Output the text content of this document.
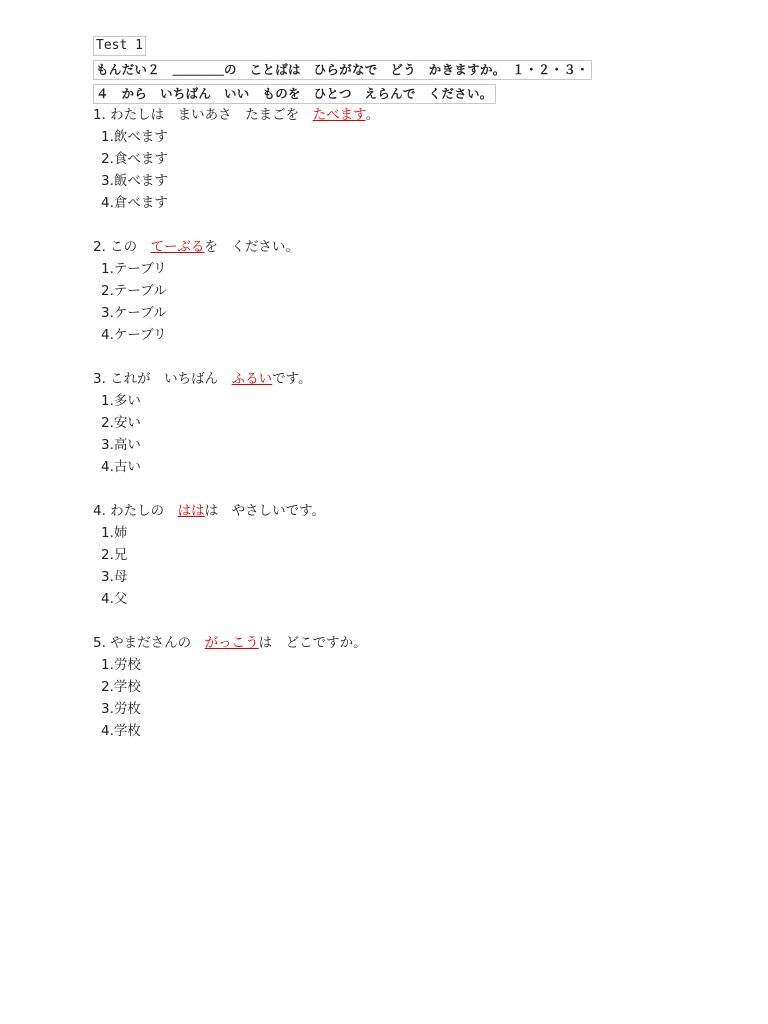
Test 1
もんだい２　＿＿＿＿の　ことばは　ひらがなで　どう　かきますか。　１・２・３・
４　から　いちばん　いい　ものを　ひとつ　えらんで　ください。
1. わたしは　まいあさ　たまごを　たべます。
1.飲べます
2.食べます
3.飯べます
4.倉べます
2. この　てーぶるを　ください。
1.テーブリ
2.テーブル
3.ケーブル
4.ケーブリ
3. これが　いちばん　ふるいです。
1.多い
2.安い
3.高い
4.古い
4. わたしの　ははは　やさしいです。
1.姉
2.兄
3.母
4.父
5. やまださんの　がっこうは　どこですか。
1.労校
2.学校
3.労枚
4.学枚
